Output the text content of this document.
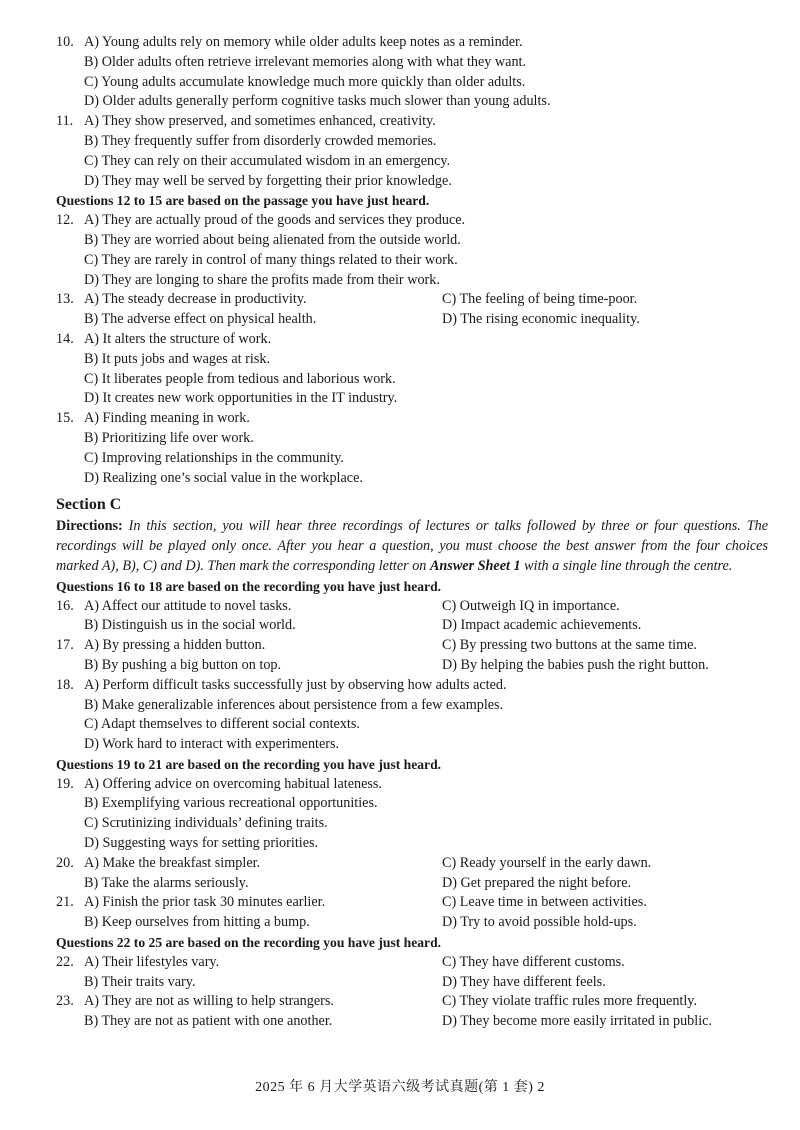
10. A) Young adults rely on memory while older adults keep notes as a reminder.
B) Older adults often retrieve irrelevant memories along with what they want.
C) Young adults accumulate knowledge much more quickly than older adults.
D) Older adults generally perform cognitive tasks much slower than young adults.
11. A) They show preserved, and sometimes enhanced, creativity.
B) They frequently suffer from disorderly crowded memories.
C) They can rely on their accumulated wisdom in an emergency.
D) They may well be served by forgetting their prior knowledge.
Questions 12 to 15 are based on the passage you have just heard.
12. A) They are actually proud of the goods and services they produce.
B) They are worried about being alienated from the outside world.
C) They are rarely in control of many things related to their work.
D) They are longing to share the profits made from their work.
13. A) The steady decrease in productivity.	C) The feeling of being time-poor.
B) The adverse effect on physical health.	D) The rising economic inequality.
14. A) It alters the structure of work.
B) It puts jobs and wages at risk.
C) It liberates people from tedious and laborious work.
D) It creates new work opportunities in the IT industry.
15. A) Finding meaning in work.
B) Prioritizing life over work.
C) Improving relationships in the community.
D) Realizing one’s social value in the workplace.
Section C
Directions: In this section, you will hear three recordings of lectures or talks followed by three or four questions. The recordings will be played only once. After you hear a question, you must choose the best answer from the four choices marked A), B), C) and D). Then mark the corresponding letter on Answer Sheet 1 with a single line through the centre.
Questions 16 to 18 are based on the recording you have just heard.
16. A) Affect our attitude to novel tasks.	C) Outweigh IQ in importance.
B) Distinguish us in the social world.	D) Impact academic achievements.
17. A) By pressing a hidden button.	C) By pressing two buttons at the same time.
B) By pushing a big button on top.	D) By helping the babies push the right button.
18. A) Perform difficult tasks successfully just by observing how adults acted.
B) Make generalizable inferences about persistence from a few examples.
C) Adapt themselves to different social contexts.
D) Work hard to interact with experimenters.
Questions 19 to 21 are based on the recording you have just heard.
19. A) Offering advice on overcoming habitual lateness.
B) Exemplifying various recreational opportunities.
C) Scrutinizing individuals’ defining traits.
D) Suggesting ways for setting priorities.
20. A) Make the breakfast simpler.	C) Ready yourself in the early dawn.
B) Take the alarms seriously.	D) Get prepared the night before.
21. A) Finish the prior task 30 minutes earlier.	C) Leave time in between activities.
B) Keep ourselves from hitting a bump.	D) Try to avoid possible hold-ups.
Questions 22 to 25 are based on the recording you have just heard.
22. A) Their lifestyles vary.	C) They have different customs.
B) Their traits vary.	D) They have different feels.
23. A) They are not as willing to help strangers.	C) They violate traffic rules more frequently.
B) They are not as patient with one another.	D) They become more easily irritated in public.
2025 年 6 月大学英语六级考试真题(第 1 套) 2
